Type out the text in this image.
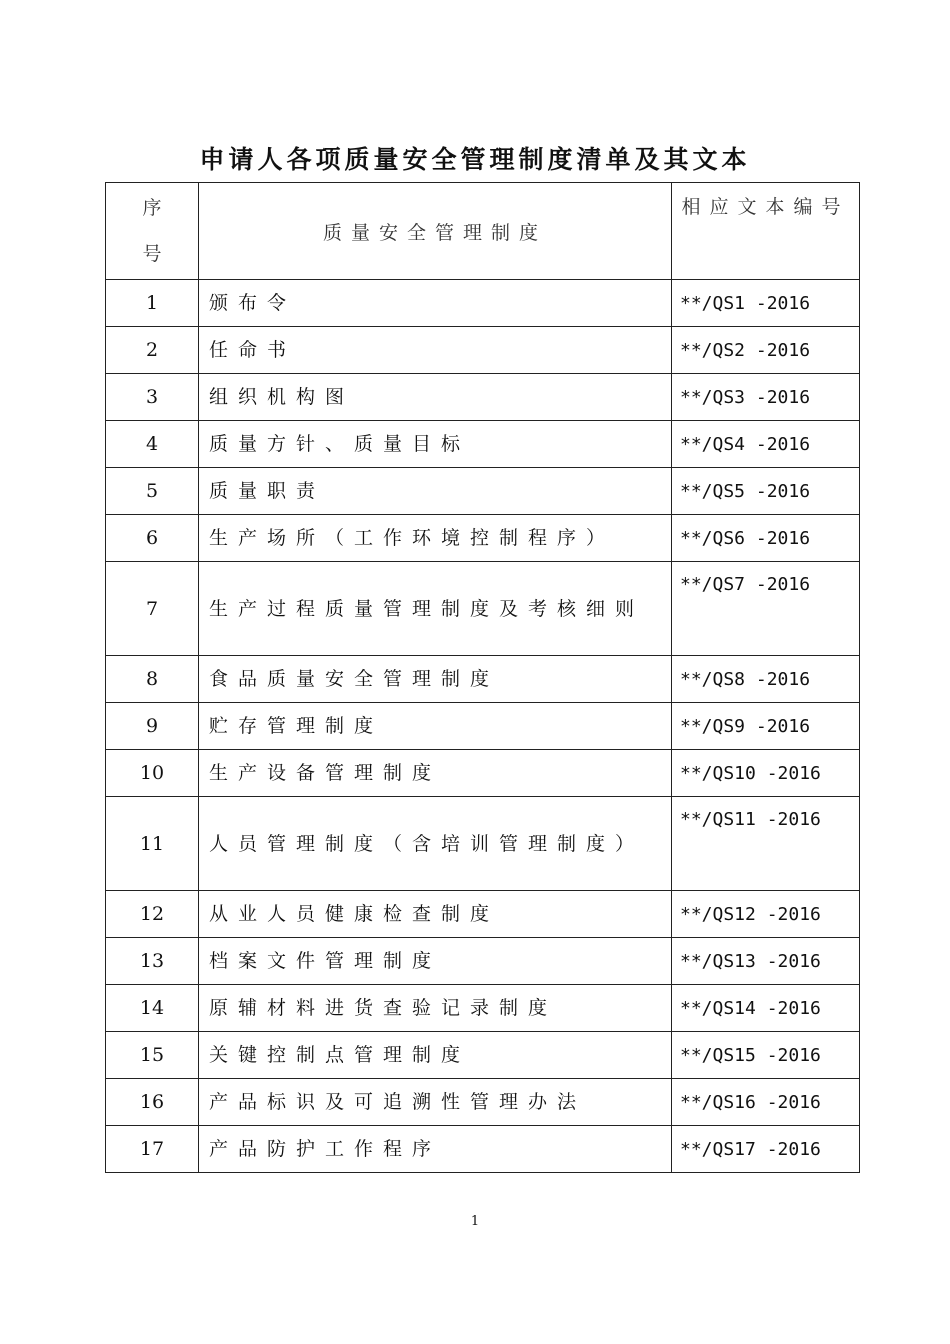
申请人各项质量安全管理制度清单及其文本
序
号	质量安全管理制度	相应文本编号
1	颁布令	**/QS1 -2016

2	任命书	**/QS2 -2016

3	组织机构图	**/QS3 -2016

4	质量方针、质量目标	**/QS4 -2016

5	质量职责	**/QS5 -2016

6	生产场所（工作环境控制程序）	**/QS6 -2016

7	生产过程质量管理制度及考核细则	**/QS7 -2016

8	食品质量安全管理制度	**/QS8 -2016

9	贮存管理制度	**/QS9 -2016

10	生产设备管理制度	**/QS10 -2016

11	人员管理制度（含培训管理制度）	**/QS11 -2016

12	从业人员健康检查制度	**/QS12 -2016

13	档案文件管理制度	**/QS13 -2016

14	原辅材料进货查验记录制度	**/QS14 -2016

15	关键控制点管理制度	**/QS15 -2016

16	产品标识及可追溯性管理办法	**/QS16 -2016

17	产品防护工作程序	**/QS17 -2016
1
